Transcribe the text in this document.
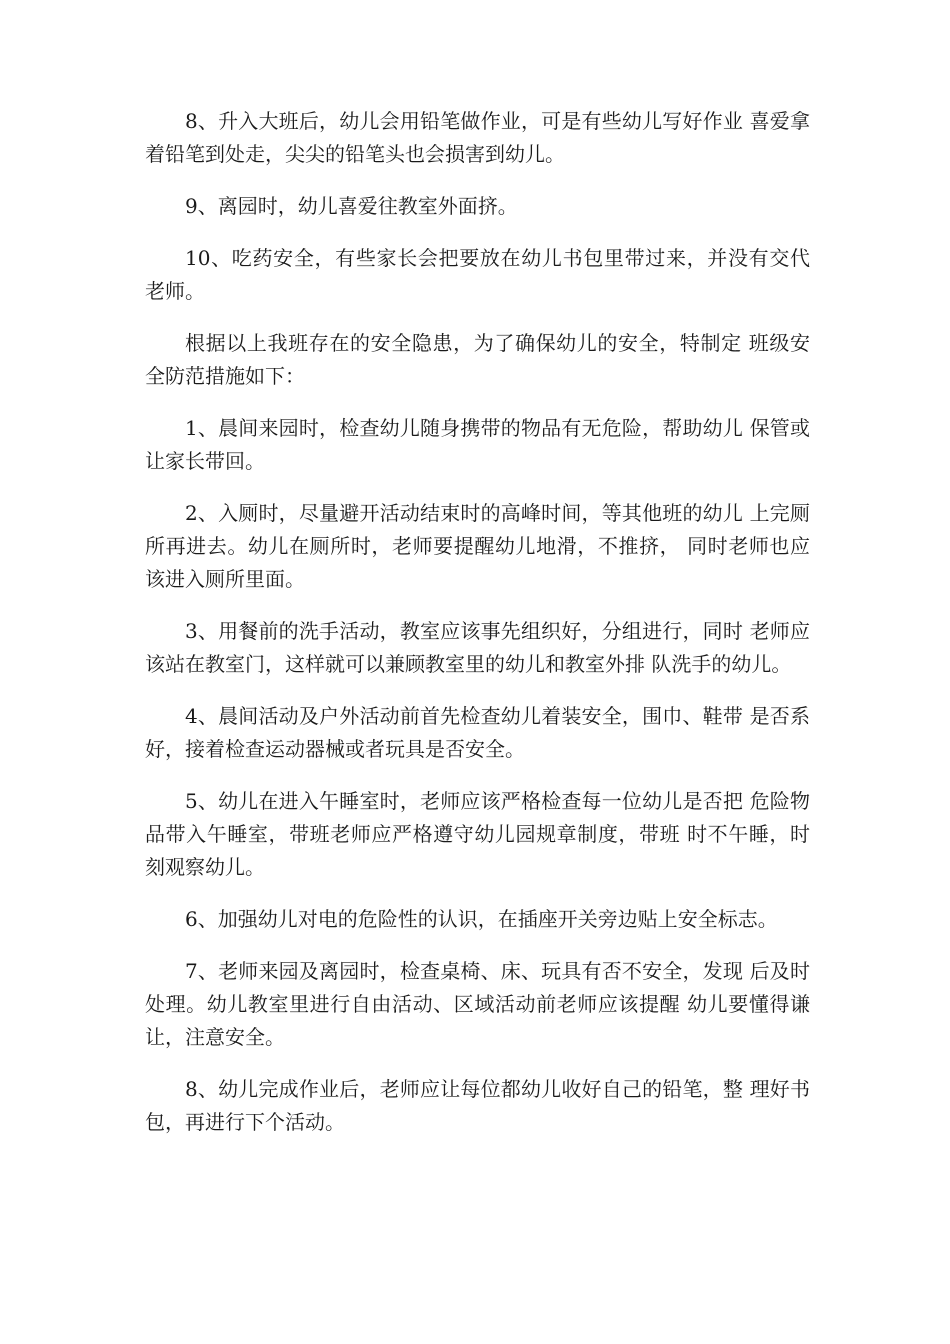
8、升入大班后，幼儿会用铅笔做作业，可是有些幼儿写好作业 喜爱拿着铅笔到处走，尖尖的铅笔头也会损害到幼儿。

9、离园时，幼儿喜爱往教室外面挤。

10、吃药安全，有些家长会把要放在幼儿书包里带过来，并没有交代老师。

根据以上我班存在的安全隐患，为了确保幼儿的安全，特制定 班级安全防范措施如下：

1、晨间来园时，检查幼儿随身携带的物品有无危险，帮助幼儿 保管或让家长带回。

2、入厕时，尽量避开活动结束时的高峰时间，等其他班的幼儿 上完厕所再进去。幼儿在厕所时，老师要提醒幼儿地滑，不推挤， 同时老师也应该进入厕所里面。

3、用餐前的洗手活动，教室应该事先组织好，分组进行，同时 老师应该站在教室门，这样就可以兼顾教室里的幼儿和教室外排 队洗手的幼儿。

4、晨间活动及户外活动前首先检查幼儿着装安全，围巾、鞋带 是否系好，接着检查运动器械或者玩具是否安全。

5、幼儿在进入午睡室时，老师应该严格检查每一位幼儿是否把 危险物品带入午睡室，带班老师应严格遵守幼儿园规章制度，带班 时不午睡，时刻观察幼儿。

6、加强幼儿对电的危险性的认识，在插座开关旁边贴上安全标志。

7、老师来园及离园时，检查桌椅、床、玩具有否不安全，发现 后及时处理。幼儿教室里进行自由活动、区域活动前老师应该提醒 幼儿要懂得谦让，注意安全。

8、幼儿完成作业后，老师应让每位都幼儿收好自己的铅笔，整 理好书包，再进行下个活动。
